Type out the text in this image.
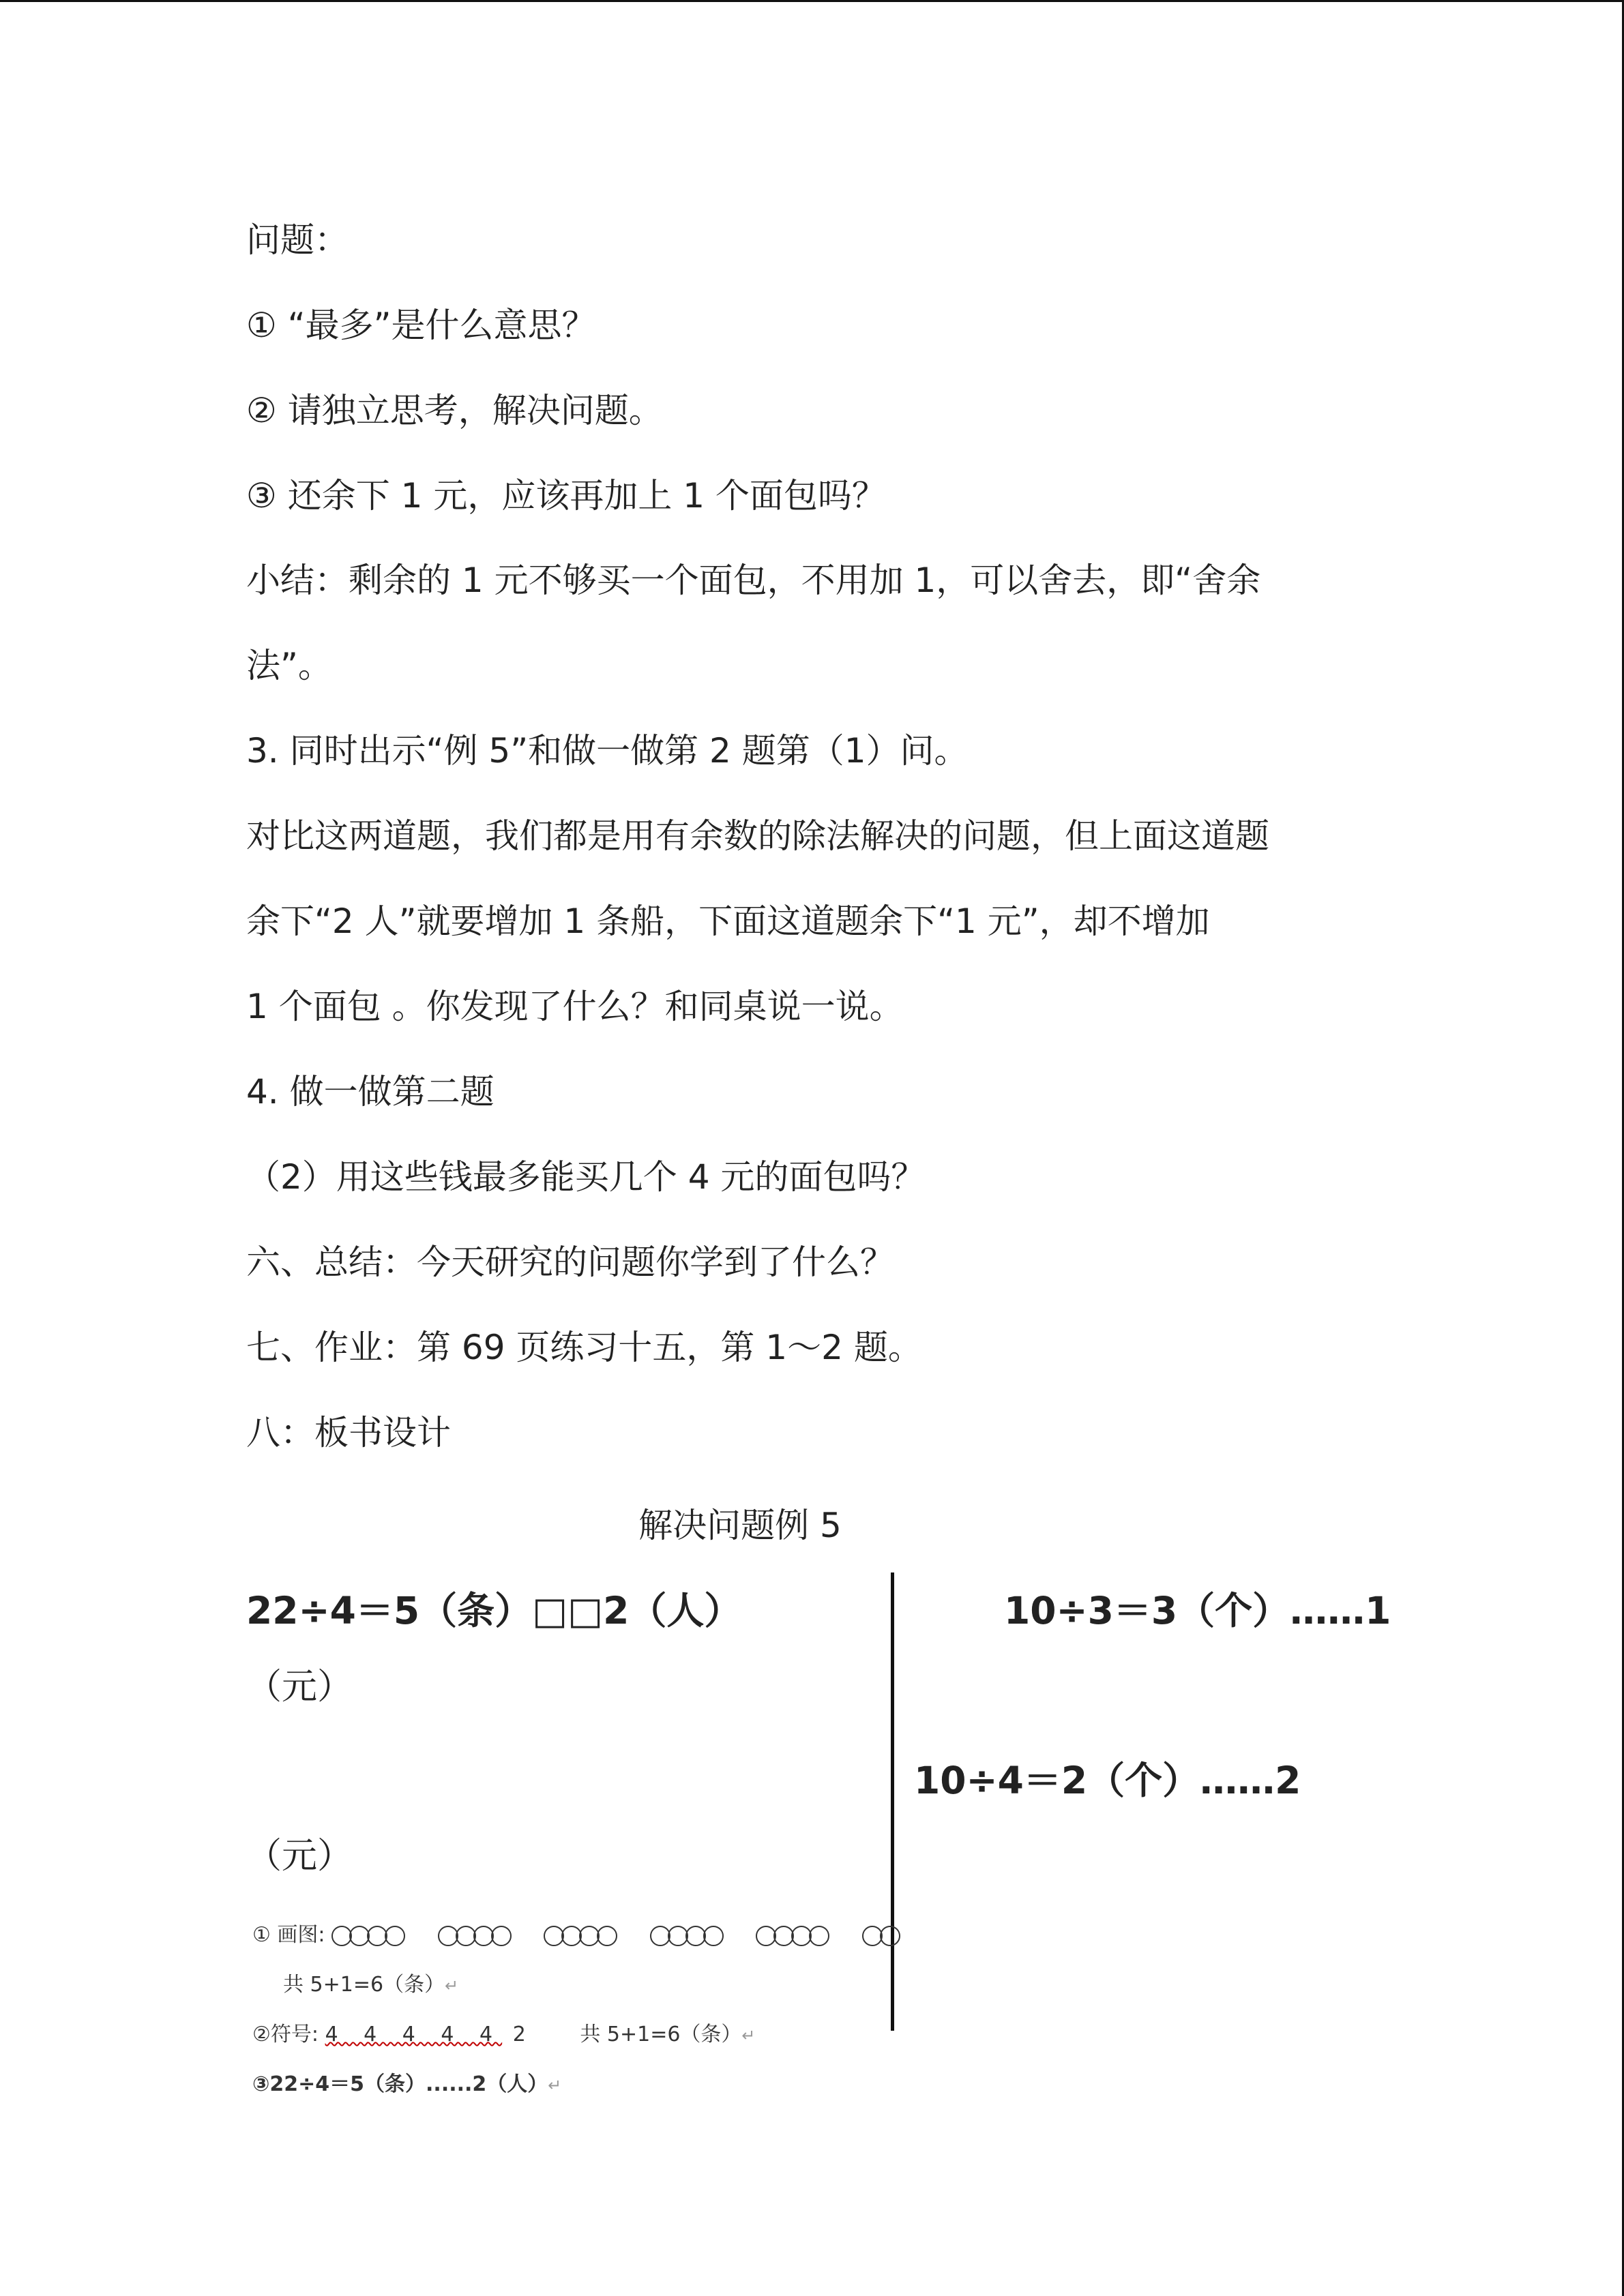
问题：
① “最多”是什么意思？
② 请独立思考，解决问题。
③ 还余下 1 元，应该再加上 1 个面包吗？
小结：剩余的 1 元不够买一个面包，不用加 1，可以舍去，即“舍余
法”。
3. 同时出示“例 5”和做一做第 2 题第（1）问。
对比这两道题，我们都是用有余数的除法解决的问题，但上面这道题
余下“2 人”就要增加 1 条船，下面这道题余下“1 元”，却不增加
1 个面包 。你发现了什么？和同桌说一说。
4. 做一做第二题
（2）用这些钱最多能买几个 4 元的面包吗？
六、总结：今天研究的问题你学到了什么？
七、作业：第 69 页练习十五，第 1～2 题。
八：板书设计
解决问题例 5
22÷4＝5（条）□□2（人）
（元）
（元）
10÷3＝3（个）……1
10÷4＝2（个）……2
① 画图:
共 5+1=6（条）↵
②符号: 4 4 4 4 4 2	共 5+1=6（条）↵
③22÷4＝5（条）......2（人）↵
